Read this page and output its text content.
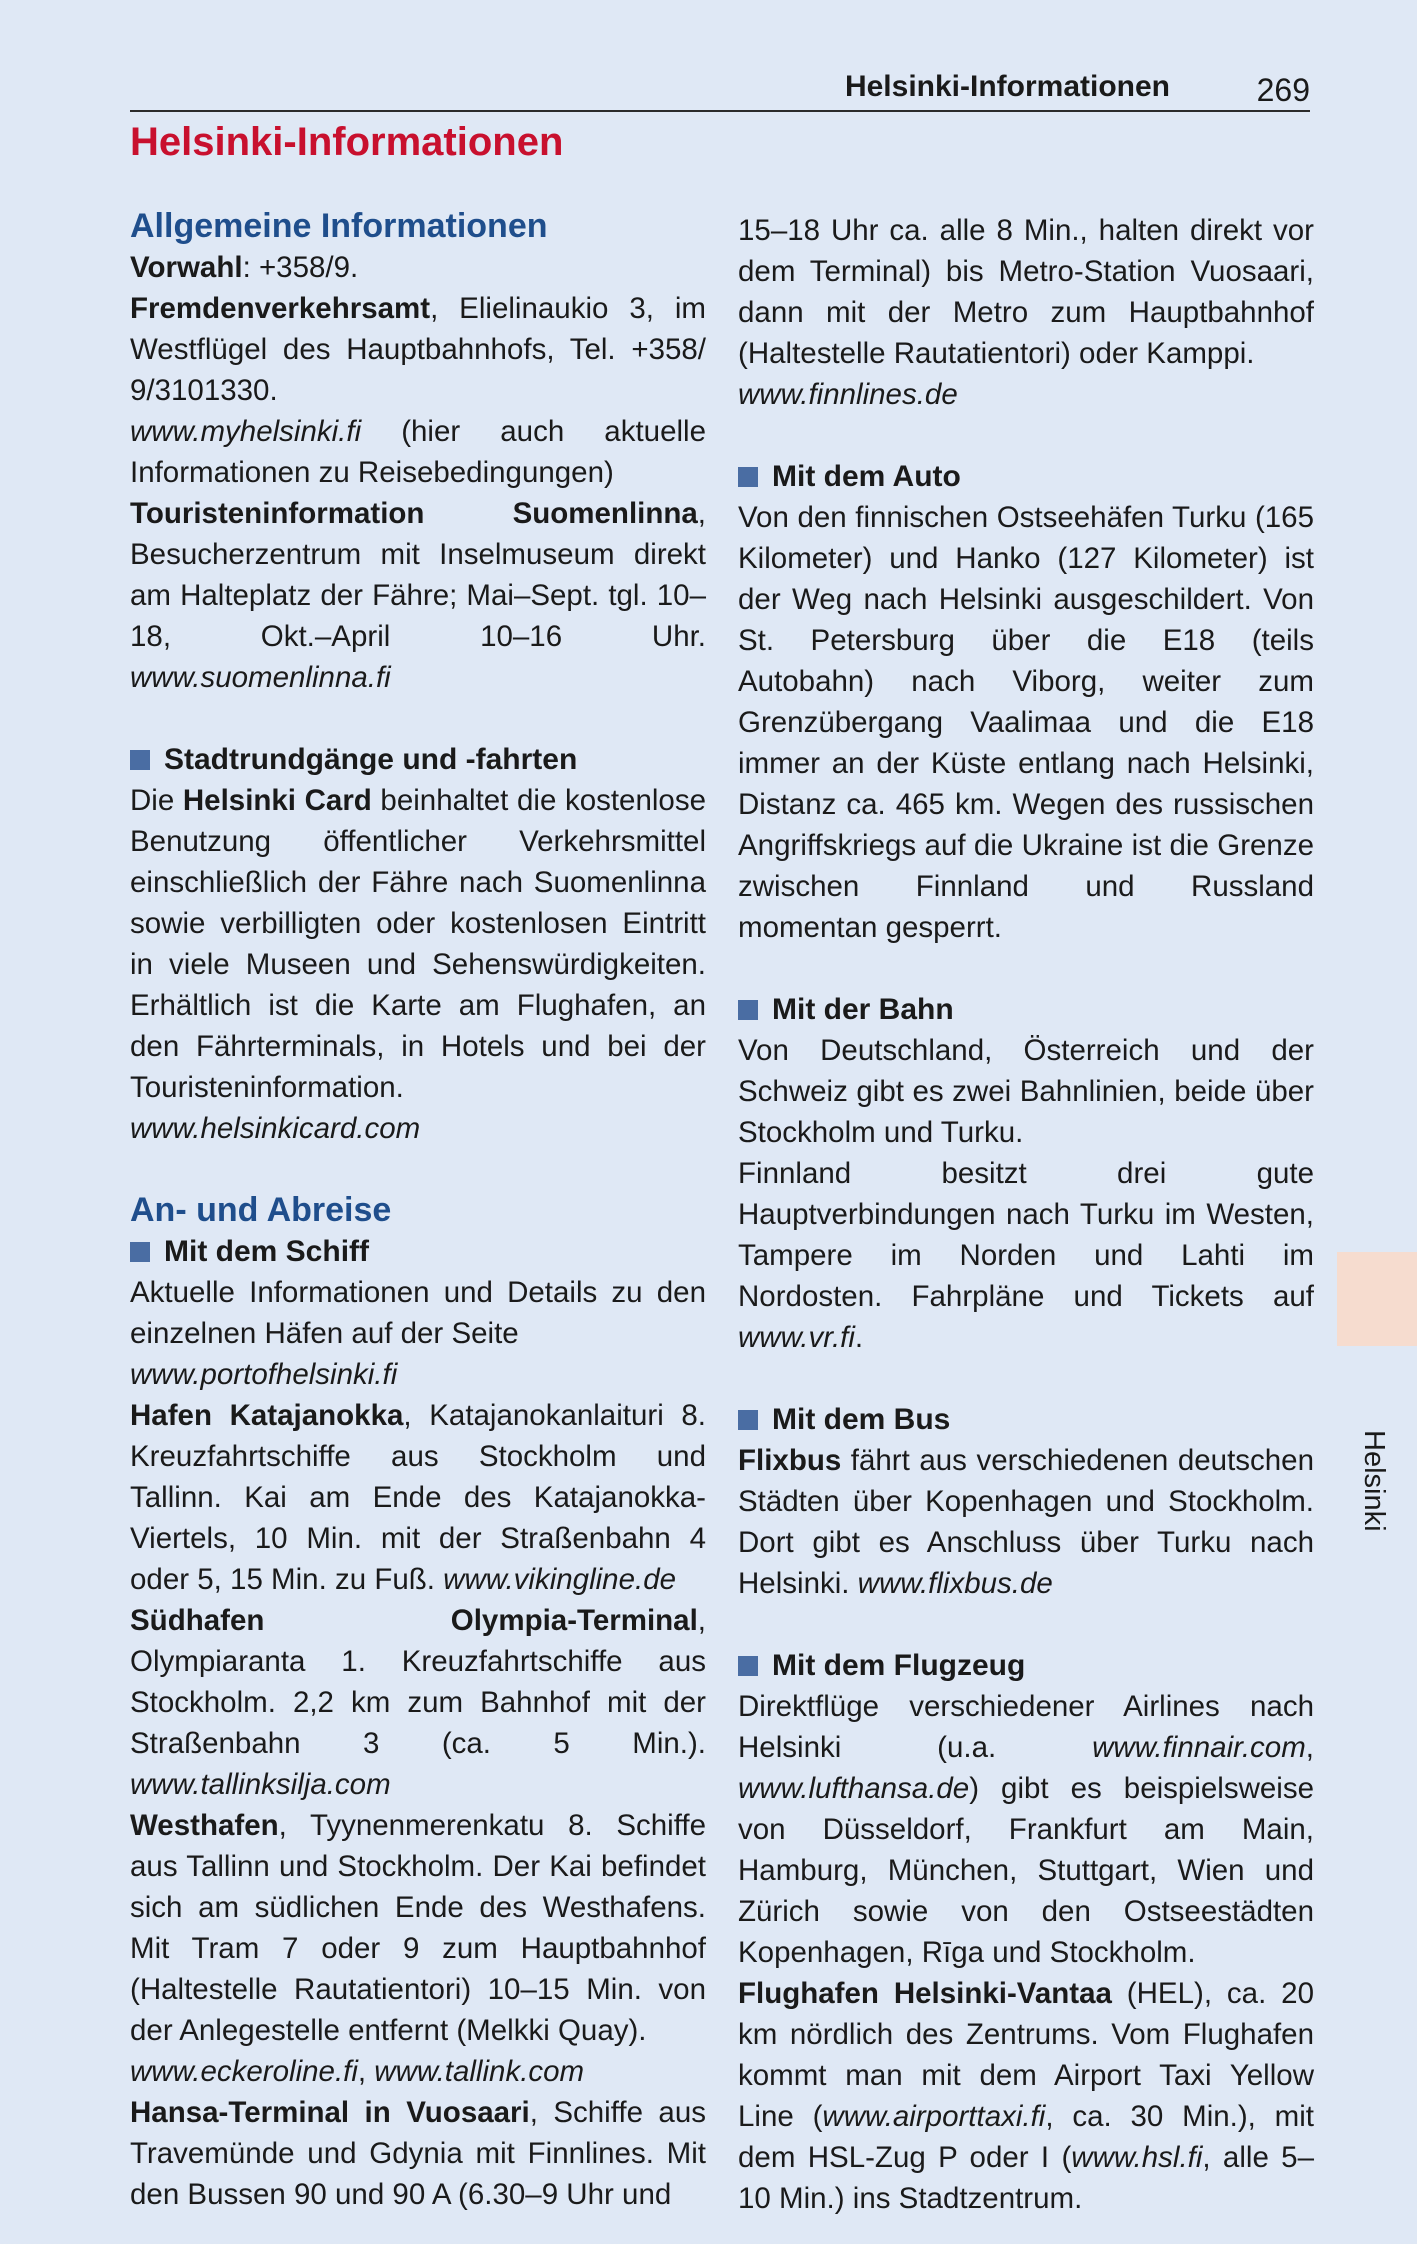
Helsinki-Informationen	269
Helsinki-Informationen
Helsinki
Allgemeine Informationen

Vorwahl: +358/9.

Fremdenverkehrsamt, Elielinaukio 3, im Westflügel des Hauptbahnhofs, Tel. +358/ 9/3101330.

www.myhelsinki.fi (hier auch aktuelle Informationen zu Reisebedingungen)

Touristeninformation Suomenlinna, Besucherzentrum mit Inselmuseum direkt am Halteplatz der Fähre; Mai–Sept. tgl. 10–18, Okt.–April 10–16 Uhr. www.suomenlinna.fi

Stadtrundgänge und -fahrten

Die Helsinki Card beinhaltet die kostenlose Benutzung öffentlicher Verkehrsmittel einschließlich der Fähre nach Suomenlinna sowie verbilligten oder kostenlosen Eintritt in viele Museen und Sehenswürdigkeiten. Erhältlich ist die Karte am Flughafen, an den Fährterminals, in Hotels und bei der Touristeninformation.

www.helsinkicard.com

An- und Abreise
Mit dem Schiff

Aktuelle Informationen und Details zu den einzelnen Häfen auf der Seite

www.portofhelsinki.fi

Hafen Katajanokka, Katajanokanlaituri 8. Kreuzfahrtschiffe aus Stockholm und Tallinn. Kai am Ende des Katajanokka-Viertels, 10 Min. mit der Straßenbahn 4 oder 5, 15 Min. zu Fuß. www.vikingline.de

Südhafen Olympia-Terminal, Olympiaranta 1. Kreuzfahrtschiffe aus Stockholm. 2,2 km zum Bahnhof mit der Straßenbahn 3 (ca. 5 Min.). www.tallinksilja.com

Westhafen, Tyynenmerenkatu 8. Schiffe aus Tallinn und Stockholm. Der Kai befindet sich am südlichen Ende des Westhafens. Mit Tram 7 oder 9 zum Hauptbahnhof (Haltestelle Rautatientori) 10–15 Min. von der Anlegestelle entfernt (Melkki Quay).

www.eckeroline.fi, www.tallink.com

Hansa-Terminal in Vuosaari, Schiffe aus Travemünde und Gdynia mit Finnlines. Mit den Bussen 90 und 90 A (6.30–9 Uhr und

15–18 Uhr ca. alle 8 Min., halten direkt vor dem Terminal) bis Metro-Station Vuosaari, dann mit der Metro zum Hauptbahnhof (Haltestelle Rautatientori) oder Kamppi.

www.finnlines.de

Mit dem Auto

Von den finnischen Ostseehäfen Turku (165 Kilometer) und Hanko (127 Kilometer) ist der Weg nach Helsinki ausgeschildert. Von St. Petersburg über die E18 (teils Autobahn) nach Viborg, weiter zum Grenzübergang Vaalimaa und die E18 immer an der Küste entlang nach Helsinki, Distanz ca. 465 km. Wegen des russischen Angriffskriegs auf die Ukraine ist die Grenze zwischen Finnland und Russland momentan gesperrt.

Mit der Bahn

Von Deutschland, Österreich und der Schweiz gibt es zwei Bahnlinien, beide über Stockholm und Turku.

Finnland besitzt drei gute Hauptverbindungen nach Turku im Westen, Tampere im Norden und Lahti im Nordosten. Fahrpläne und Tickets auf www.vr.fi.

Mit dem Bus

Flixbus fährt aus verschiedenen deutschen Städten über Kopenhagen und Stockholm. Dort gibt es Anschluss über Turku nach Helsinki. www.flixbus.de

Mit dem Flugzeug

Direktflüge verschiedener Airlines nach Helsinki (u.a. www.finnair.com, www.lufthansa.de) gibt es beispielsweise von Düsseldorf, Frankfurt am Main, Hamburg, München, Stuttgart, Wien und Zürich sowie von den Ostseestädten Kopenhagen, Rīga und Stockholm.

Flughafen Helsinki-Vantaa (HEL), ca. 20 km nördlich des Zentrums. Vom Flughafen kommt man mit dem Airport Taxi Yellow Line (www.airporttaxi.fi, ca. 30 Min.), mit dem HSL-Zug P oder I (www.hsl.fi, alle 5–10 Min.) ins Stadtzentrum.
